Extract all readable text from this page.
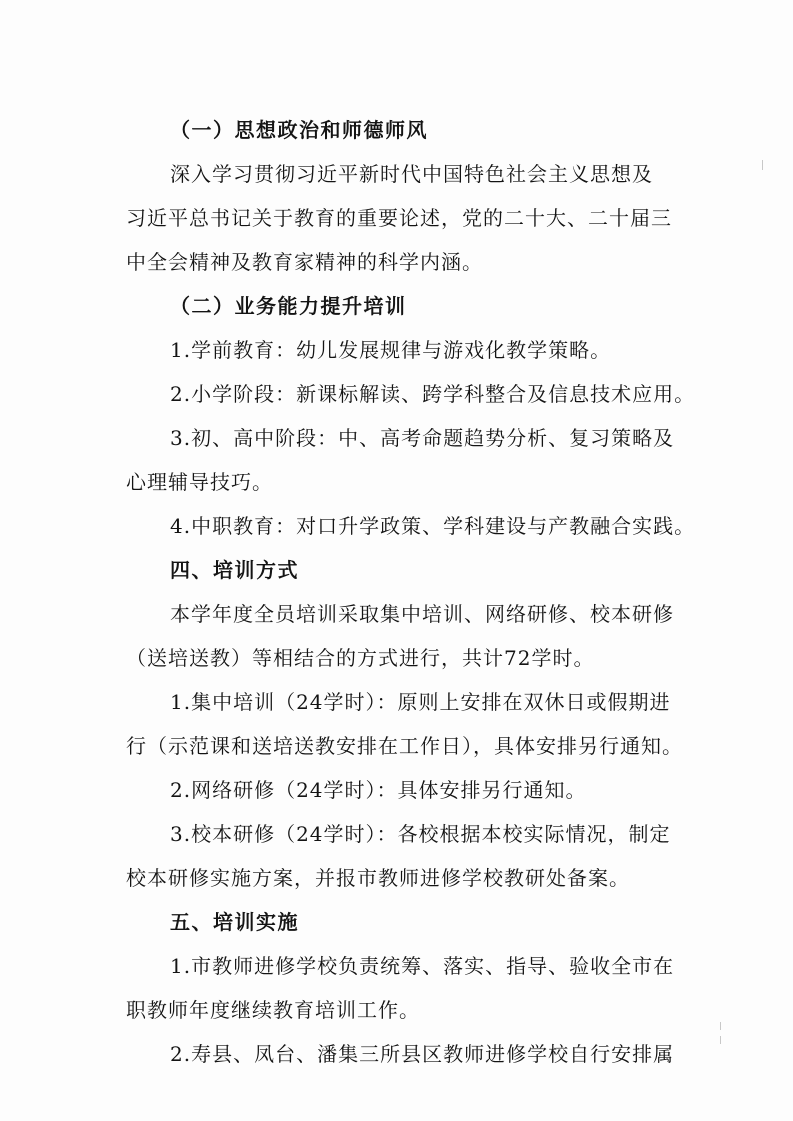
（一）思想政治和师德师风
深入学习贯彻习近平新时代中国特色社会主义思想及
习近平总书记关于教育的重要论述，党的二十大、二十届三
中全会精神及教育家精神的科学内涵。
（二）业务能力提升培训
1.学前教育：幼儿发展规律与游戏化教学策略。
2.小学阶段：新课标解读、跨学科整合及信息技术应用。
3.初、高中阶段：中、高考命题趋势分析、复习策略及
心理辅导技巧。
4.中职教育：对口升学政策、学科建设与产教融合实践。
四、培训方式
本学年度全员培训采取集中培训、网络研修、校本研修
（送培送教）等相结合的方式进行，共计72学时。
1.集中培训（24学时）：原则上安排在双休日或假期进
行（示范课和送培送教安排在工作日），具体安排另行通知。
2.网络研修（24学时）：具体安排另行通知。
3.校本研修（24学时）：各校根据本校实际情况，制定
校本研修实施方案，并报市教师进修学校教研处备案。
五、培训实施
1.市教师进修学校负责统筹、落实、指导、验收全市在
职教师年度继续教育培训工作。
2.寿县、凤台、潘集三所县区教师进修学校自行安排属
